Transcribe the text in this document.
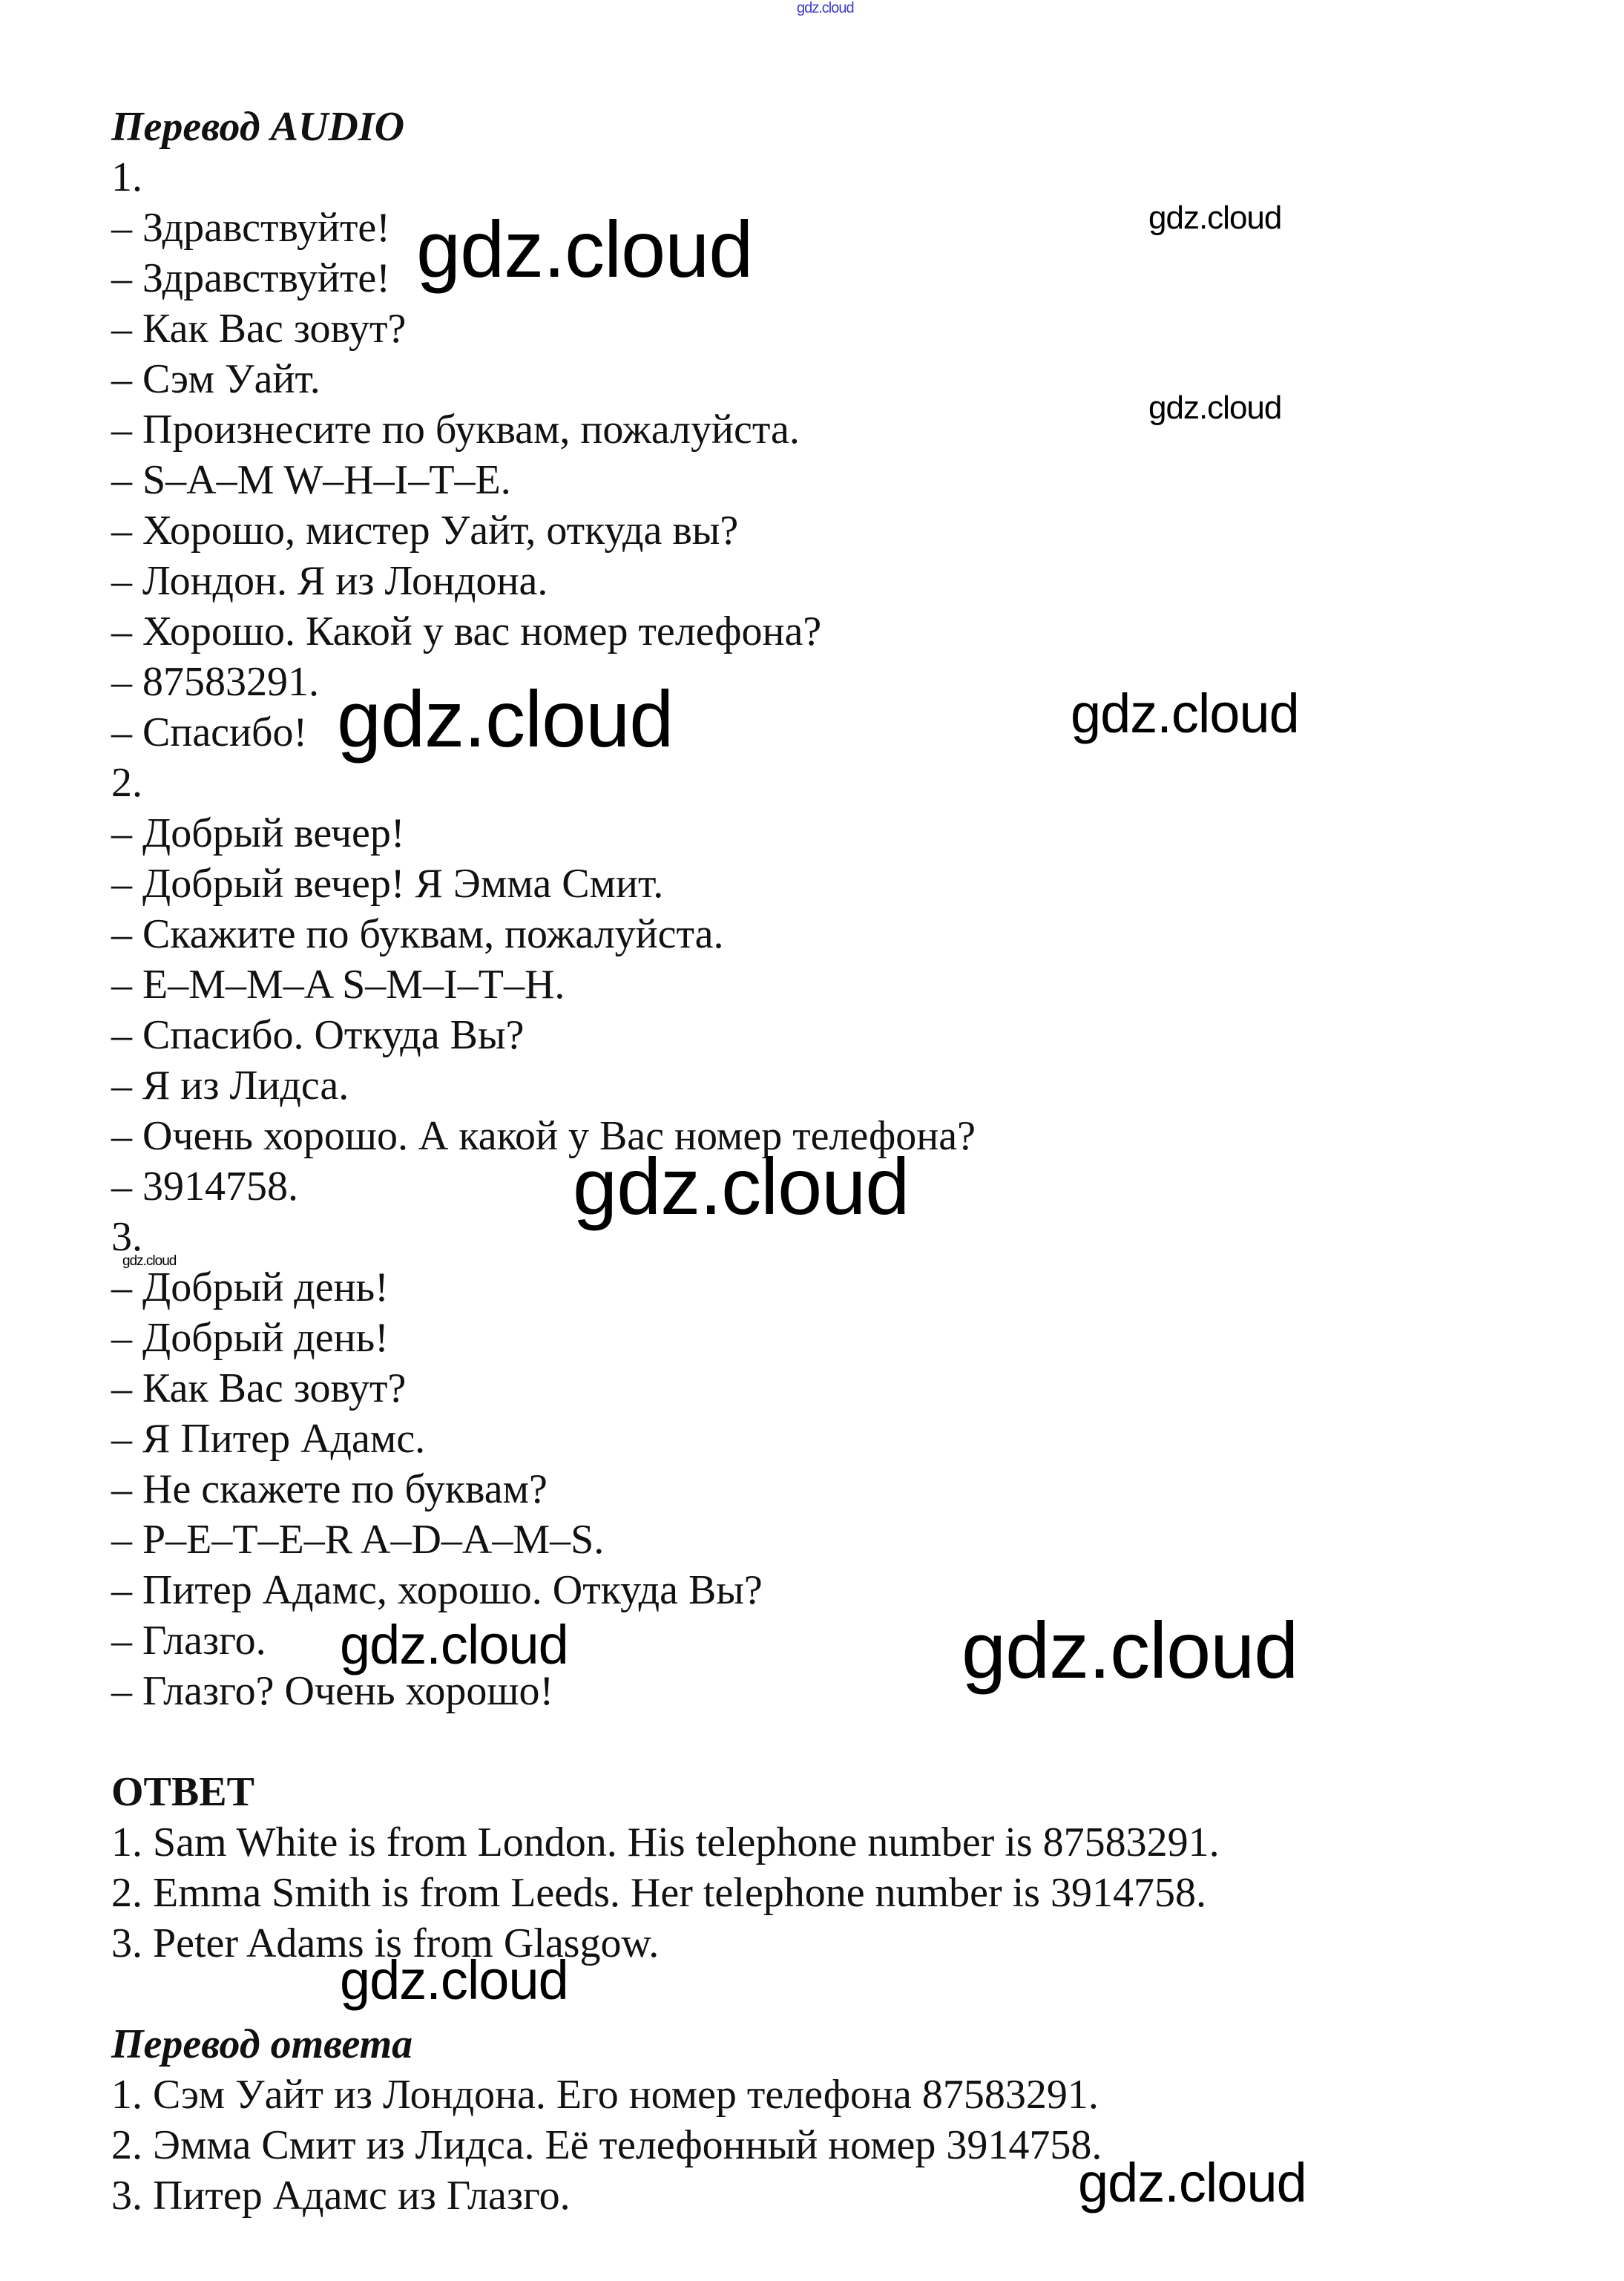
gdz.cloud
Перевод AUDIO
1.
– Здравствуйте!
– Здравствуйте!
– Как Вас зовут?
– Сэм Уайт.
– Произнесите по буквам, пожалуйста.
– S–A–M W–H–I–T–E.
– Хорошо, мистер Уайт, откуда вы?
– Лондон. Я из Лондона.
– Хорошо. Какой у вас номер телефона?
– 87583291.
– Спасибо!
2.
– Добрый вечер!
– Добрый вечер! Я Эмма Смит.
– Скажите по буквам, пожалуйста.
– E–M–M–A S–M–I–T–H.
– Спасибо. Откуда Вы?
– Я из Лидса.
– Очень хорошо. А какой у Вас номер телефона?
– 3914758.
3.
– Добрый день!
– Добрый день!
– Как Вас зовут?
– Я Питер Адамс.
– Не скажете по буквам?
– P–E–T–E–R A–D–A–M–S.
– Питер Адамс, хорошо. Откуда Вы?
– Глазго.
– Глазго? Очень хорошо!
ОТВЕТ
1. Sam White is from London. His telephone number is 87583291.
2. Emma Smith is from Leeds. Her telephone number is 3914758.
3. Peter Adams is from Glasgow.
Перевод ответа
1. Сэм Уайт из Лондона. Его номер телефона 87583291.
2. Эмма Смит из Лидса. Её телефонный номер 3914758.
3. Питер Адамс из Глазго.
gdz.cloud	gdz.cloud
gdz.cloud
gdz.cloud	gdz.cloud
gdz.cloud
gdz.cloud
gdz.cloud	gdz.cloud
gdz.cloud
gdz.cloud
